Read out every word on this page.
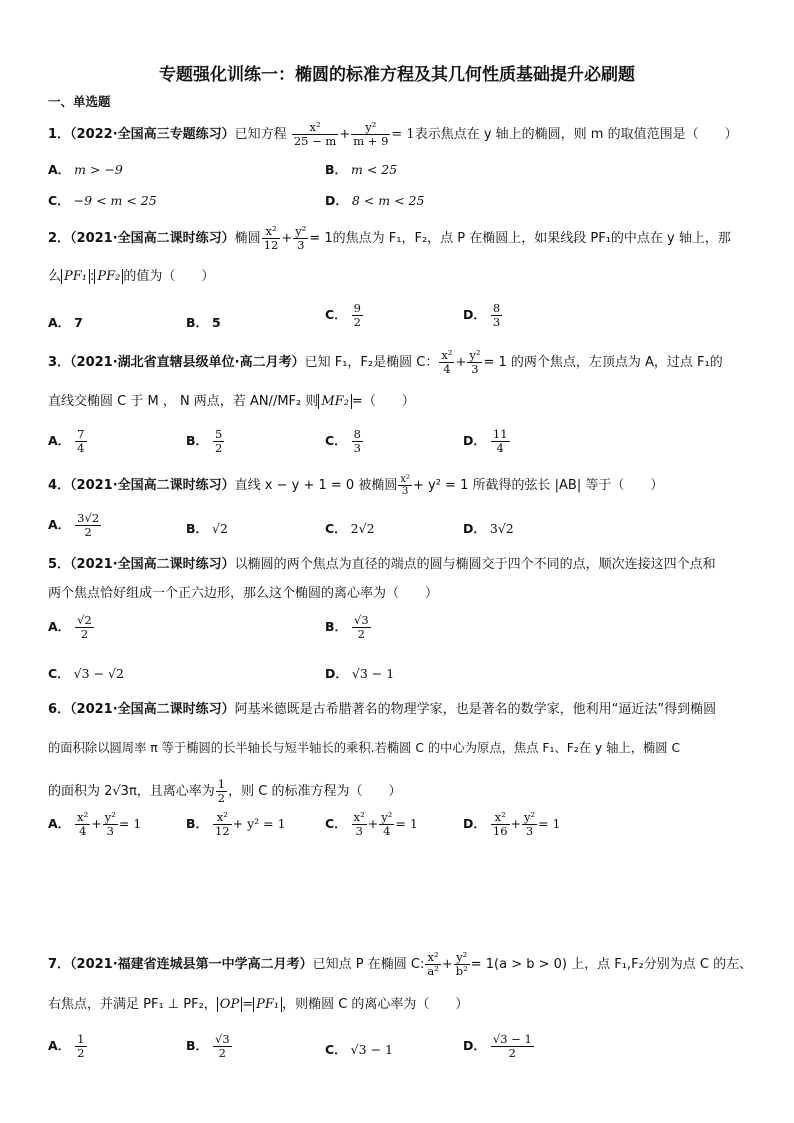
专题强化训练一：椭圆的标准方程及其几何性质基础提升必刷题
一、单选题
1．（2022·全国高三专题练习）已知方程 $\frac{\text{x²}}{25 - m} + \frac{\text{y²}}{m + 9} = 1$表示焦点在 y 轴上的椭圆，则 m 的取值范围是（　　）
A． m > −9	B． m < 25
C． −9 < m < 25	D． 8 < m < 25
2．（2021·全国高二课时练习）椭圆 $\frac{\text{x²}}{12} + \frac{\text{y²}}{3} = 1$的焦点为 F₁，F₂，点 P 在椭圆上，如果线段 PF₁的中点在 y 轴上，那
么 PF₁ : PF₂ 的值为（　　）
A． 7	B． 5
C． $\frac{9}{2}$	D． $\frac{8}{3}$
3．（2021·湖北省直辖县级单位·高二月考）已知 F₁，F₂是椭圆 C： $\frac{\text{x²}}{4} + \frac{\text{y²}}{3} = 1$ 的两个焦点，左顶点为 A，过点 F₁的
直线交椭圆 C 于 M ， N 两点，若 AN//MF₂ 则 MF₂ =（　　）
A． $\frac{7}{4}$	B． $\frac{5}{2}$	C． $\frac{8}{3}$	D． $\frac{11}{4}$
4．（2021·全国高二课时练习）直线 x − y + 1 = 0 被椭圆 $\frac{\text{x²}}{3} + y^2 = 1$ 所截得的弦长 |AB| 等于（　　）
A． $\frac{3√2}{2}$	B． √2	C． 2√2	D． 3√2
5．（2021·全国高二课时练习）以椭圆的两个焦点为直径的端点的圆与椭圆交于四个不同的点，顺次连接这四个点和
两个焦点恰好组成一个正六边形，那么这个椭圆的离心率为（　　）
A． $\frac{√2}{2}$	B． $\frac{√3}{2}$
C． √3 − √2	D． √3 − 1
6．（2021·全国高二课时练习）阿基米德既是古希腊著名的物理学家，也是著名的数学家，他利用“逼近法”得到椭圆
的面积除以圆周率 π 等于椭圆的长半轴长与短半轴长的乘积.若椭圆 C 的中心为原点，焦点 F₁、F₂在 y 轴上，椭圆 C
的面积为 2√3π，且离心率为 $\frac{1}{2}$ ，则 C 的标准方程为（　　）
A． $\frac{\text{x²}}{4} + \frac{\text{y²}}{3} = 1$	B． $\frac{\text{x²}}{12} + y^2 = 1$	C． $\frac{\text{x²}}{3} + \frac{\text{y²}}{4} = 1$	D． $\frac{\text{x²}}{16} + \frac{\text{y²}}{3} = 1$
7．（2021·福建省连城县第一中学高二月考）已知点 P 在椭圆 C: $\frac{\text{x²}}{\text{a²}} + \frac{\text{y²}}{\text{b²}} = 1(a > b > 0)$ 上，点 F₁,F₂分别为点 C 的左、
右焦点，并满足 PF₁ ⊥ PF₂， OP = PF₁ ，则椭圆 C 的离心率为（　　）
A． $\frac{1}{2}$	B． $\frac{√3}{2}$	C． √3 − 1	D． $\frac{√3 - 1}{2}$
